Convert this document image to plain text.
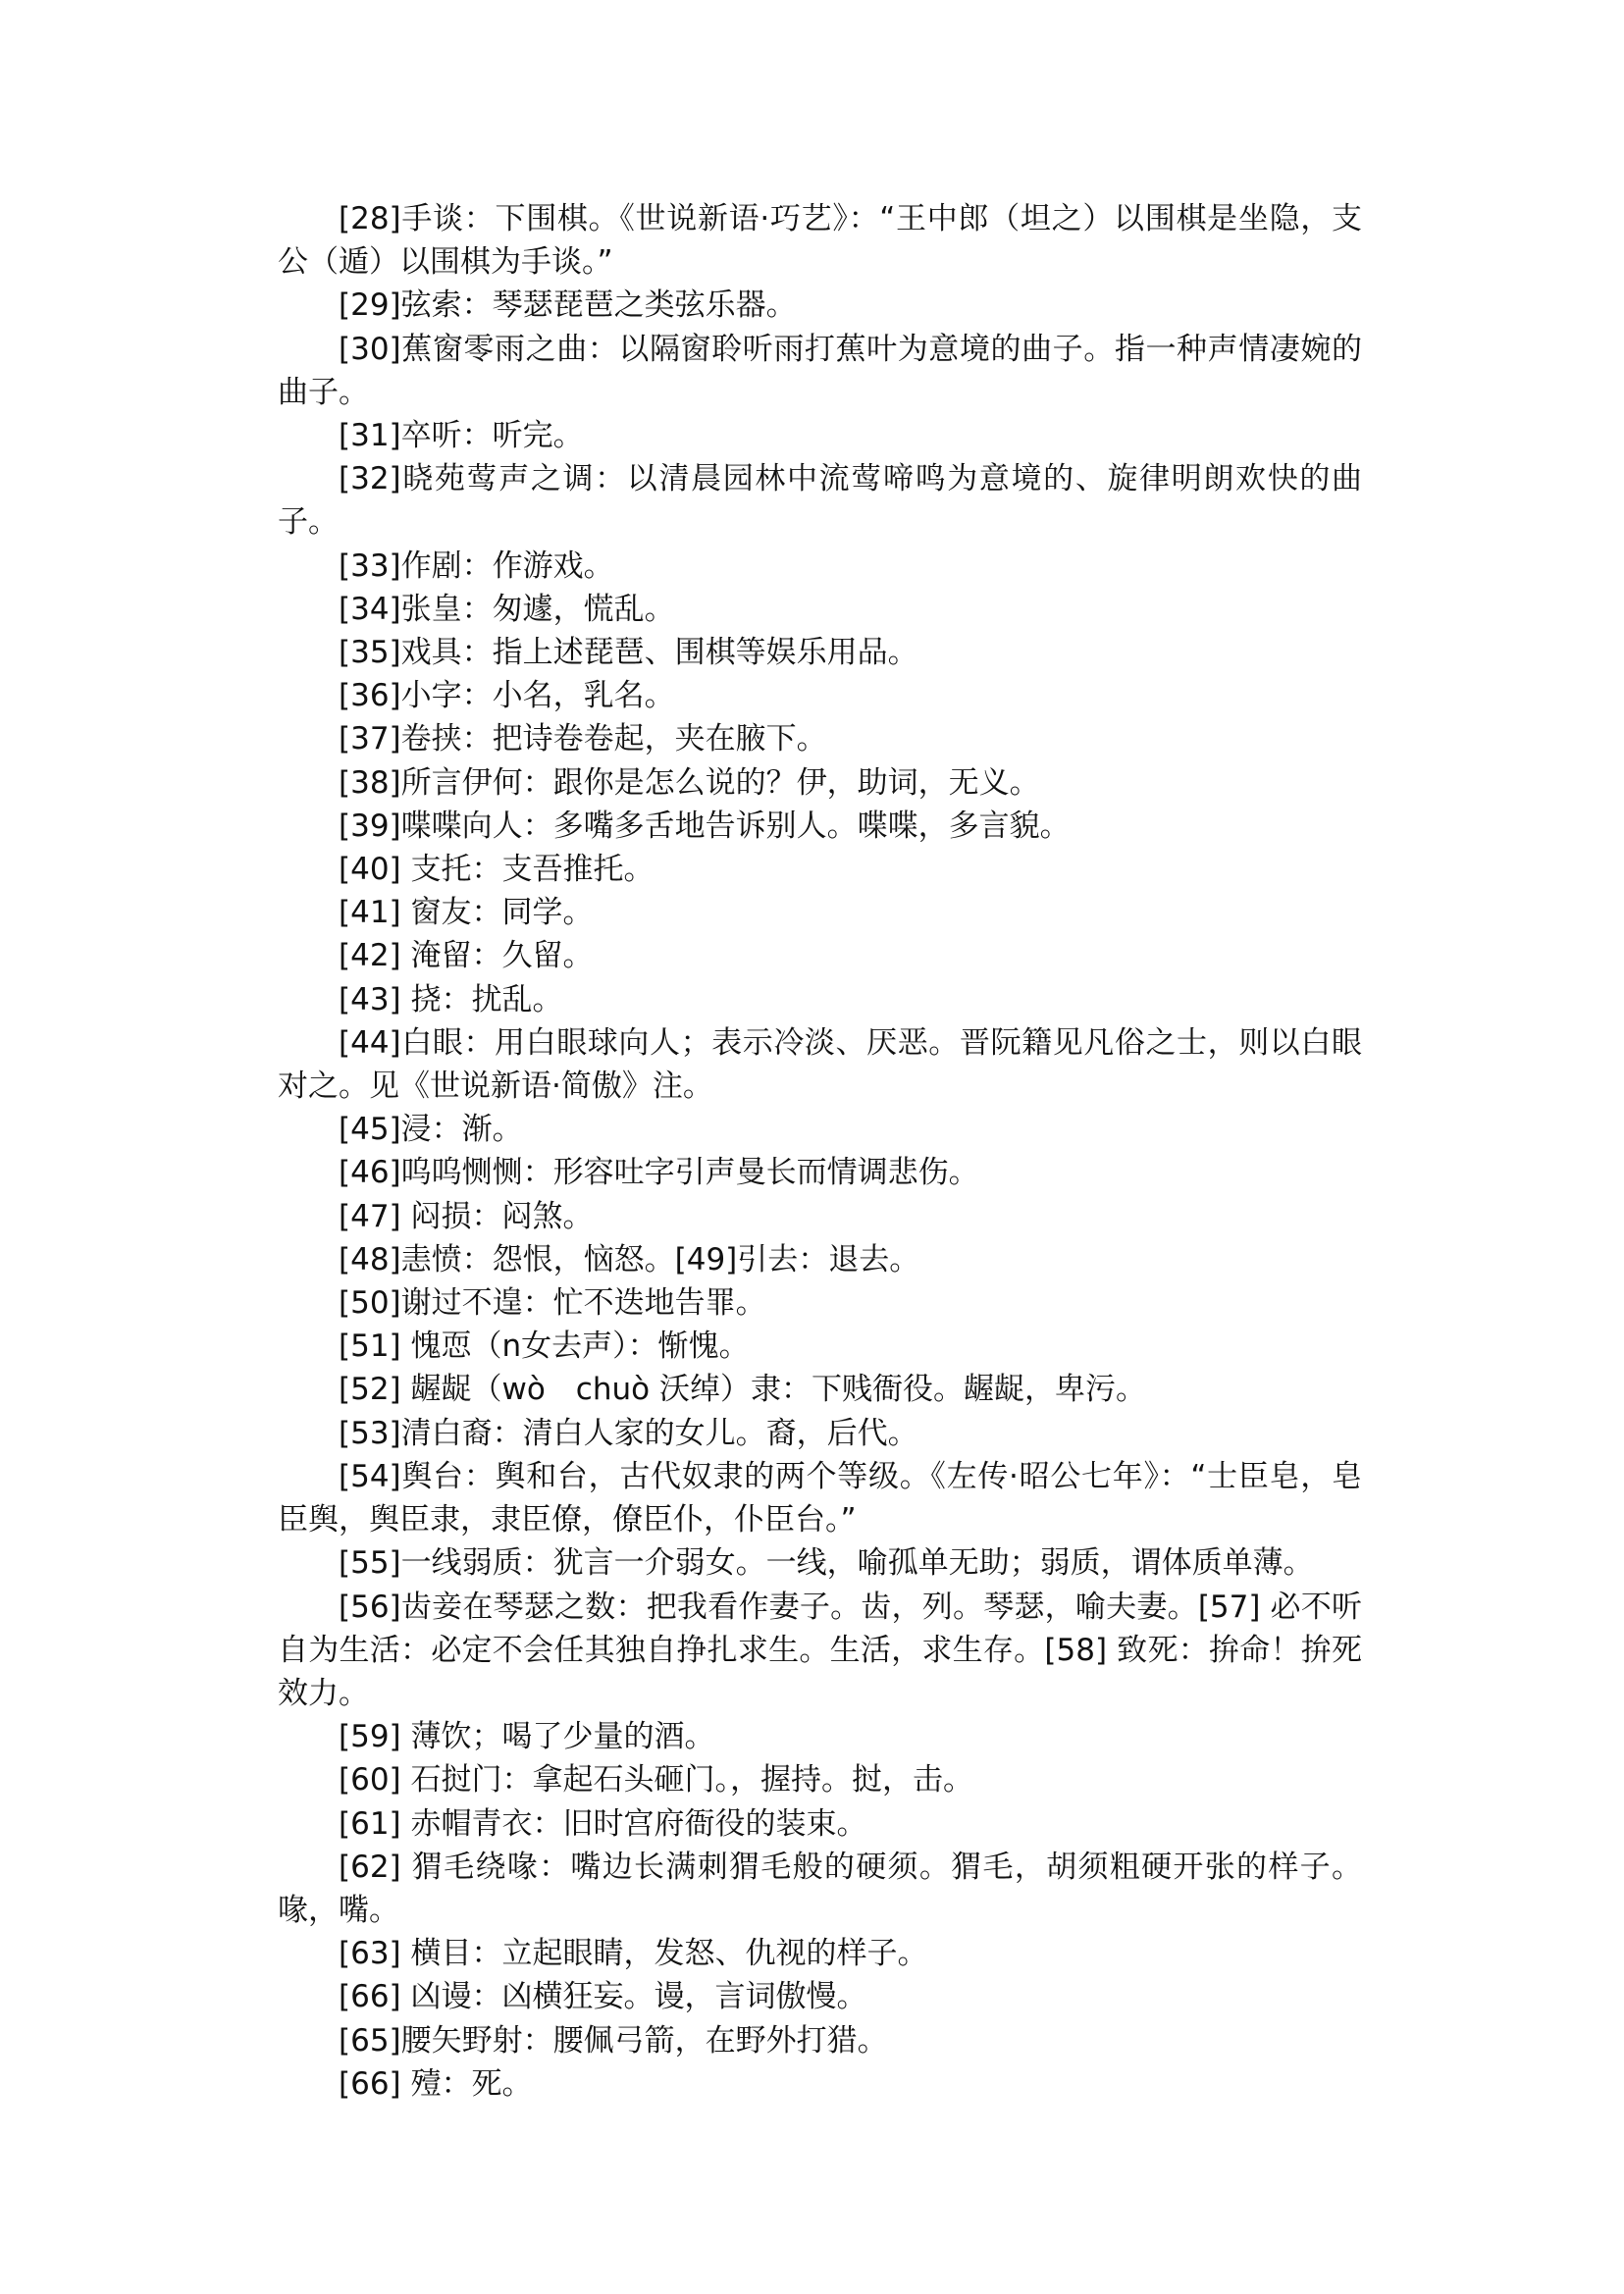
[28]手谈：下围棋。《世说新语·巧艺》：“王中郎（坦之）以围棋是坐隐，支公（遁）以围棋为手谈。”

[29]弦索：琴瑟琵琶之类弦乐器。

[30]蕉窗零雨之曲：以隔窗聆听雨打蕉叶为意境的曲子。指一种声情凄婉的曲子。

[31]卒听：听完。

[32]晓苑莺声之调：以清晨园林中流莺啼鸣为意境的、旋律明朗欢快的曲子。

[33]作剧：作游戏。

[34]张皇：匆遽，慌乱。

[35]戏具：指上述琵琶、围棋等娱乐用品。

[36]小字：小名，乳名。

[37]卷挟：把诗卷卷起，夹在腋下。

[38]所言伊何：跟你是怎么说的？伊，助词，无义。

[39]喋喋向人：多嘴多舌地告诉别人。喋喋，多言貌。

[40] 支托：支吾推托。

[41] 窗友：同学。

[42] 淹留：久留。

[43] 挠：扰乱。

[44]白眼：用白眼球向人；表示冷淡、厌恶。晋阮籍见凡俗之士，则以白眼对之。见《世说新语·简傲》注。

[45]浸：渐。

[46]呜呜恻恻：形容吐字引声曼长而情调悲伤。

[47] 闷损：闷煞。

[48]恚愤：怨恨，恼怒。[49]引去：退去。

[50]谢过不遑：忙不迭地告罪。

[51] 愧恧（n女去声）：惭愧。

[52] 龌龊（wò　chuò 沃绰）隶：下贱衙役。龌龊，卑污。

[53]清白裔：清白人家的女儿。裔，后代。

[54]舆台：舆和台，古代奴隶的两个等级。《左传·昭公七年》：“士臣皂，皂臣舆，舆臣隶，隶臣僚，僚臣仆，仆臣台。”

[55]一线弱质：犹言一介弱女。一线，喻孤单无助；弱质，谓体质单薄。

[56]齿妾在琴瑟之数：把我看作妻子。齿，列。琴瑟，喻夫妻。[57] 必不听自为生活：必定不会任其独自挣扎求生。生活，求生存。[58] 致死：拚命！拚死效力。

[59] 薄饮；喝了少量的酒。

[60] 石挝门：拿起石头砸门。，握持。挝，击。

[61] 赤帽青衣：旧时宫府衙役的装束。

[62] 猬毛绕喙：嘴边长满刺猬毛般的硬须。猬毛，胡须粗硬开张的样子。喙，嘴。

[63] 横目：立起眼睛，发怒、仇视的样子。

[66] 凶谩：凶横狂妄。谩，言词傲慢。

[65]腰矢野射：腰佩弓箭，在野外打猎。

[66] 殪：死。
